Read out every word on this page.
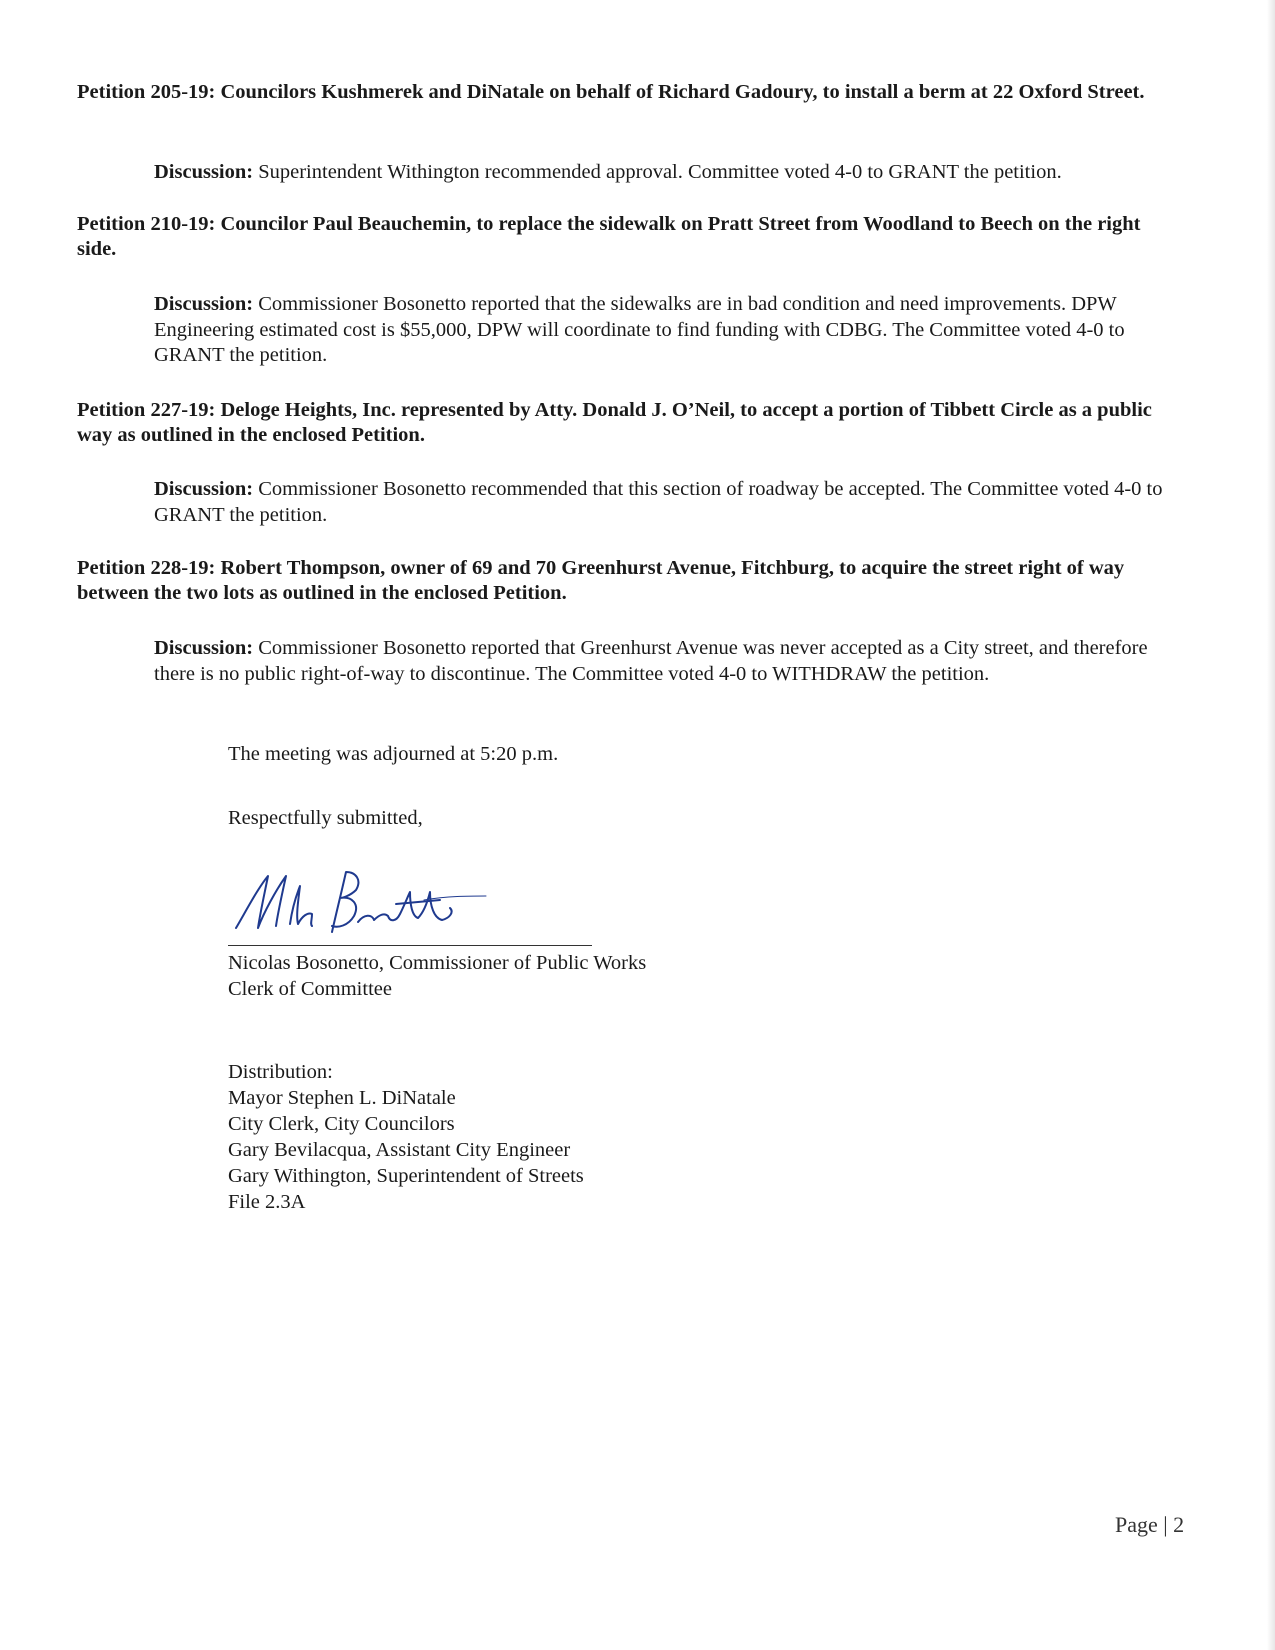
Petition 205-19: Councilors Kushmerek and DiNatale on behalf of Richard Gadoury, to install a berm at 22 Oxford Street.
Discussion: Superintendent Withington recommended approval. Committee voted 4-0 to GRANT the petition.
Petition 210-19: Councilor Paul Beauchemin, to replace the sidewalk on Pratt Street from Woodland to Beech on the right side.
Discussion: Commissioner Bosonetto reported that the sidewalks are in bad condition and need improvements. DPW Engineering estimated cost is $55,000, DPW will coordinate to find funding with CDBG. The Committee voted 4-0 to GRANT the petition.
Petition 227-19: Deloge Heights, Inc. represented by Atty. Donald J. O’Neil, to accept a portion of Tibbett Circle as a public way as outlined in the enclosed Petition.
Discussion: Commissioner Bosonetto recommended that this section of roadway be accepted. The Committee voted 4-0 to GRANT the petition.
Petition 228-19: Robert Thompson, owner of 69 and 70 Greenhurst Avenue, Fitchburg, to acquire the street right of way between the two lots as outlined in the enclosed Petition.
Discussion: Commissioner Bosonetto reported that Greenhurst Avenue was never accepted as a City street, and therefore there is no public right-of-way to discontinue. The Committee voted 4-0 to WITHDRAW the petition.
The meeting was adjourned at 5:20 p.m.
Respectfully submitted,
Nicolas Bosonetto, Commissioner of Public Works
Clerk of Committee
Distribution:
Mayor Stephen L. DiNatale
City Clerk, City Councilors
Gary Bevilacqua, Assistant City Engineer
Gary Withington, Superintendent of Streets
File 2.3A
Page | 2
